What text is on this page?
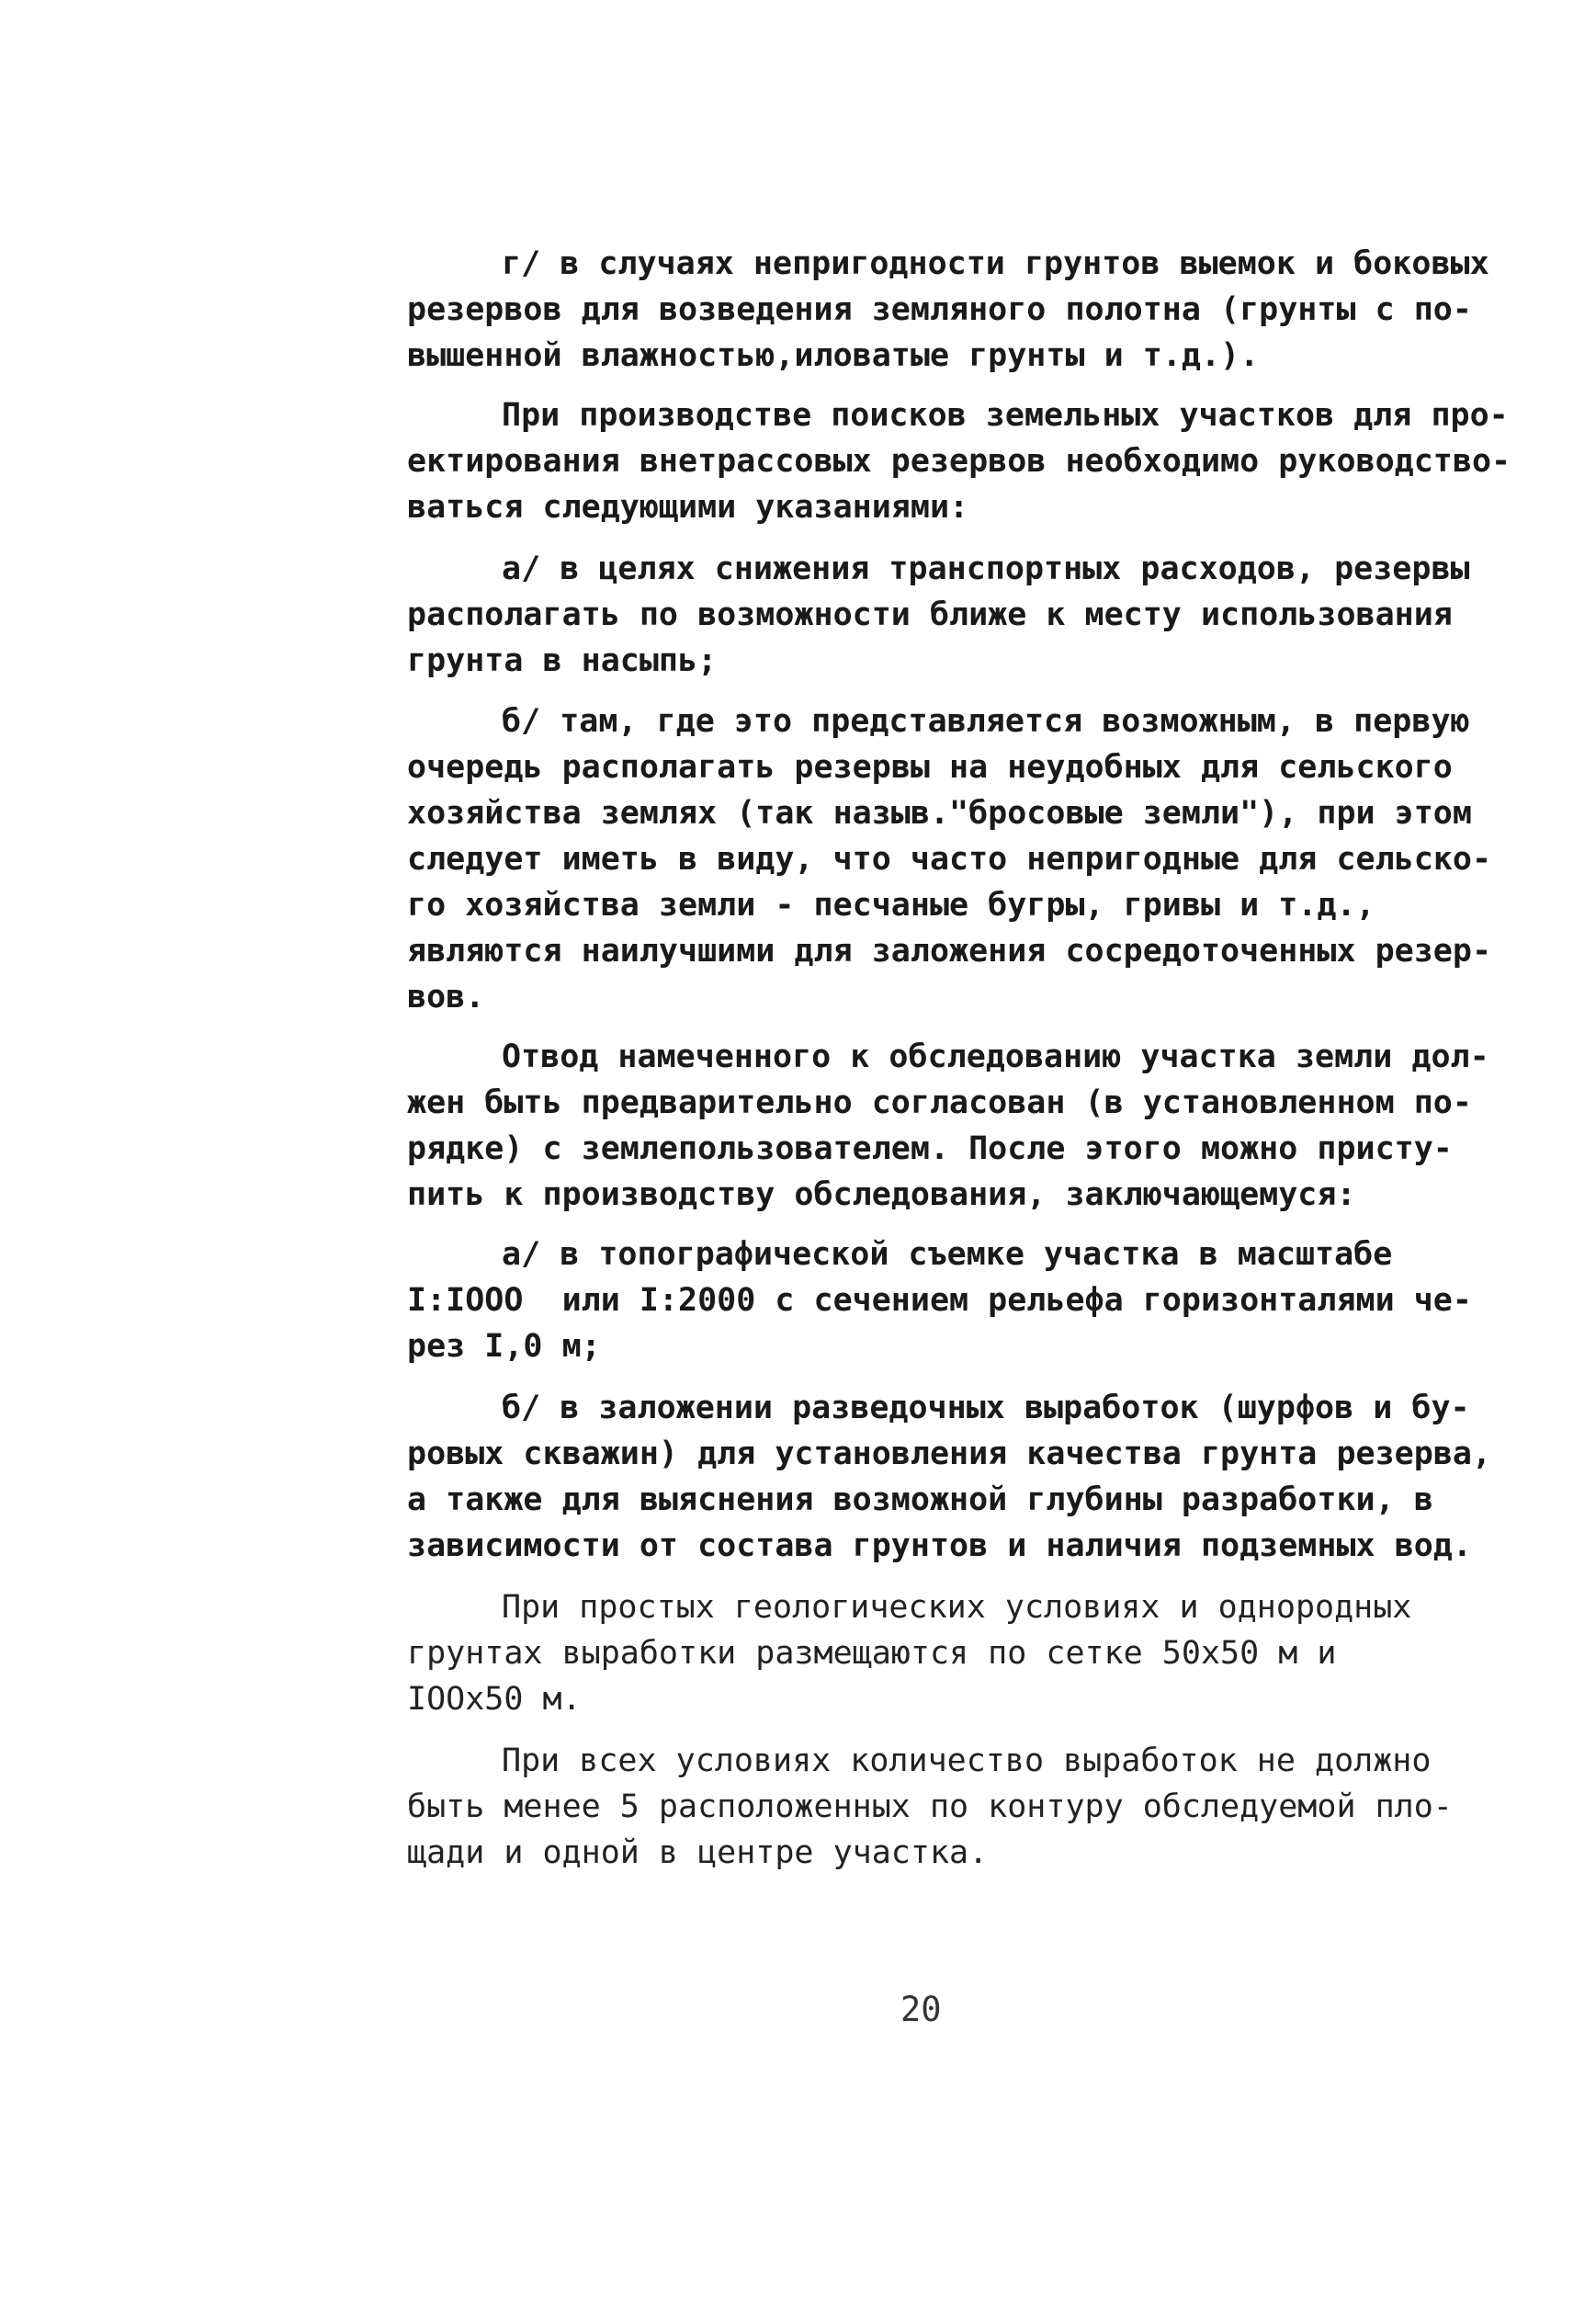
г/ в случаях непригодности грунтов выемок и боковых
резервов для возведения земляного полотна (грунты с по-
вышенной влажностью,иловатые грунты и т.д.).
При производстве поисков земельных участков для про-
ектирования внетрассовых резервов необходимо руководство-
ваться следующими указаниями:
а/ в целях снижения транспортных расходов, резервы
располагать по возможности ближе к месту использования
грунта в насыпь;
б/ там, где это представляется возможным, в первую
очередь располагать резервы на неудобных для сельского
хозяйства землях (так назыв."бросовые земли"), при этом
следует иметь в виду, что часто непригодные для сельско-
го хозяйства земли - песчаные бугры, гривы и т.д.,
являются наилучшими для заложения сосредоточенных резер-
вов.
Отвод намеченного к обследованию участка земли дол-
жен быть предварительно согласован (в установленном по-
рядке) с землепользователем. После этого можно присту-
пить к производству обследования, заключающемуся:
а/ в топографической съемке участка в масштабе
I:IOOO  или I:2000 с сечением рельефа горизонталями че-
рез I,0 м;
б/ в заложении разведочных выработок (шурфов и бу-
ровых скважин) для установления качества грунта резерва,
а также для выяснения возможной глубины разработки, в
зависимости от состава грунтов и наличия подземных вод.
При простых геологических условиях и однородных
грунтах выработки размещаются по сетке 50х50 м и
IOOх50 м.
При всех условиях количество выработок не должно
быть менее 5 расположенных по контуру обследуемой пло-
щади и одной в центре участка.
20
